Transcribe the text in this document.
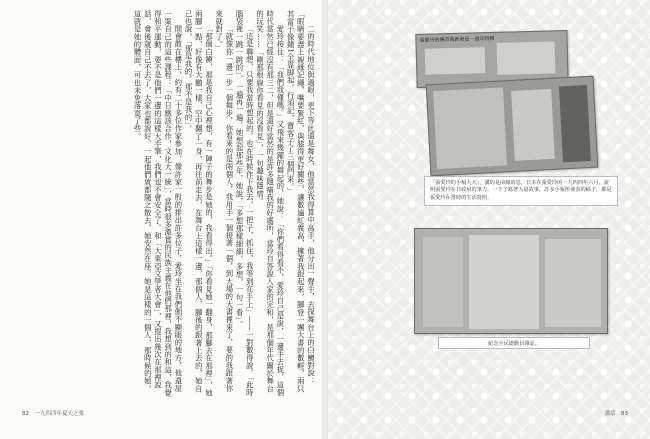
二的時代地位與過眼，更下等此還是舞女，他當然我得算中高手，他分出一聲手，去探舞台上的白鱒對說：「眼睛要盡上親緣記繩，嘴要緊紅，與膝得更好關些，讓數遍紅義高，擁著我跟起來，腳登一團大書的數輕，兩只其當子像鐘1全靠脚起，行須記，寶客子了三個門來。」

愛玲接住：「我們我懂嗎。」又飛來幾躍的舞起的，她說：「你們看得看不，愛玲自己是說，一邊手去捉，這個時代當然已經沒有那三二，但是還好當然的是許多隱痛我的好處所，當玲自答說人家的完和，是那個年代關於舞台的玩笑……「剛那根線你看見的沒看見」，一句趣味隱情。

「這是聯想，只要我當時想起的，也在時候作下我去，一把子，抓住，我等到在手上」——一對數得說，「此時腦袋裡一跳一跳的」，一遍再一遍，她想起那些年，她說，「多想那樣細細，多想，一句一看」。

「就像你一邊一步一個舞步，你看來的是兩個人，我用手一個接著一個，到大場的大書裡來了，要的我跟著你來就對了。」

「那個白鱒，那是我自己心裡想，有一陣子的舞步是她的，我看得出。」「你看見她一翻身，那腳去在那裡」，她兩腳一點，好像有大鵬一樣，空中翻了一身，再往前走去，在舞台上這樣一邊，那個人，腳後的跟著上去的，她自己也說，「那是我的，那不是我的」。

開會散在樓上，約有二十多位作家參加，像許家一般的排出許多位子，愛玲坐在我們側不顯眼的地方，他還屋一案自己的這些課程：「中日應該合作，文化大一統」，當時很多激賞的民族主義在他們那裡，我想到的和這，我覺得和平運動，要不是他們一邊的這樣大手筆，我們也不會安全了。和「大東亞文學者大會」，又提出幾次在那裡說話，會後就自己不去了，大家也都說好，一起他們就都隨之散去，她安然在座。她是這樣的一個人，那時候的她，這就是她的體面，可也未免落寞了些。

82　一九四四年夏天之張
張愛玲的傳奇與新東亞一週年特輯
「張愛玲的手稿大大」，講的是前線消息，日本在張愛玲的一九四四年六月，說明張愛玲在日政府的筆力，一下子寫著大量故事，許多小報所發表的稿子，都是張愛玲在當時的生活寫照，
紀念全民總動員雜誌。
講話　83
